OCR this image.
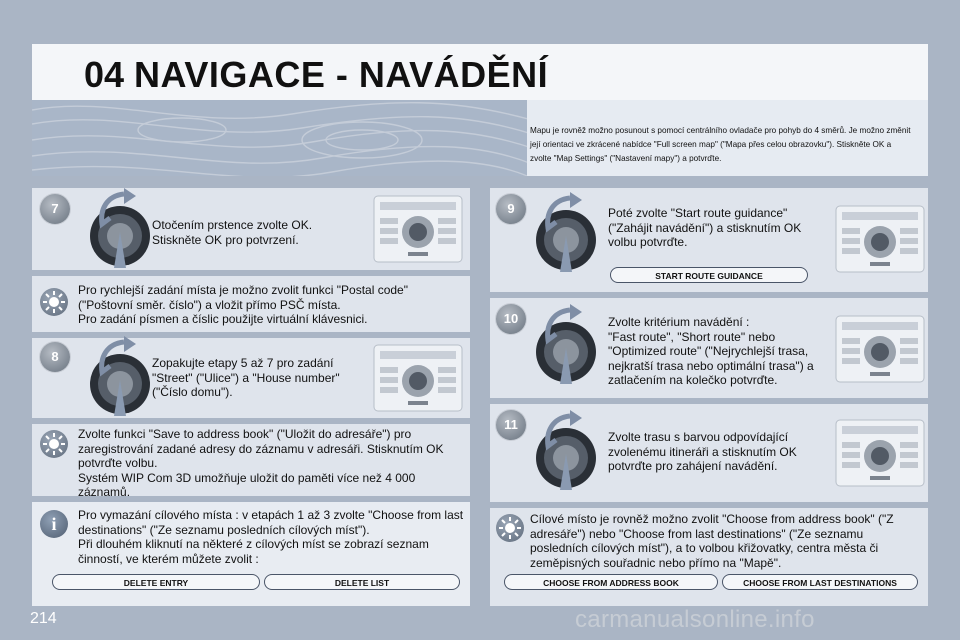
04 NAVIGACE - NAVÁDĚNÍ
Mapu je rovněž možno posunout s pomocí centrálního ovladače pro pohyb do 4 směrů. Je možno změnit její orientaci ve zkrácené nabídce "Full screen map" ("Mapa přes celou obrazovku"). Stiskněte OK a zvolte "Map Settings" ("Nastavení mapy") a potvrďte.
7
Otočením prstence zvolte OK.
Stiskněte OK pro potvrzení.
Pro rychlejší zadání místa je možno zvolit funkci "Postal code" ("Poštovní směr. číslo") a vložit přímo PSČ místa.
Pro zadání písmen a číslic použijte virtuální klávesnici.
8	Zopakujte etapy 5 až 7 pro zadání "Street" ("Ulice") a "House number" ("Číslo domu").
Zvolte funkci "Save to address book" ("Uložit do adresáře") pro zaregistrování zadané adresy do záznamu v adresáři. Stisknutím OK potvrďte volbu.
Systém WIP Com 3D umožňuje uložit do paměti více než 4 000 záznamů.
i	Pro vymazání cílového místa : v etapách 1 až 3 zvolte "Choose from last destinations" ("Ze seznamu posledních cílových míst").
Při dlouhém kliknutí na některé z cílových míst se zobrazí seznam činností, ve kterém můžete zvolit :
DELETE ENTRY	DELETE LIST
9	Poté zvolte "Start route guidance" ("Zahájit navádění") a stisknutím OK volbu potvrďte.
START ROUTE GUIDANCE
10	Zvolte kritérium navádění :
"Fast route", "Short route" nebo "Optimized route" ("Nejrychlejší trasa, nejkratší trasa nebo optimální trasa") a zatlačením na kolečko potvrďte.
11
Zvolte trasu s barvou odpovídající zvolenému itineráři a stisknutím OK potvrďte pro zahájení navádění.
Cílové místo je rovněž možno zvolit "Choose from address book" ("Z adresáře") nebo "Choose from last destinations" ("Ze seznamu posledních cílových míst"), a to volbou křižovatky, centra města či zeměpisných souřadnic nebo přímo na "Mapě".
CHOOSE FROM ADDRESS BOOK	CHOOSE FROM LAST DESTINATIONS
214	carmanualsonline.info
